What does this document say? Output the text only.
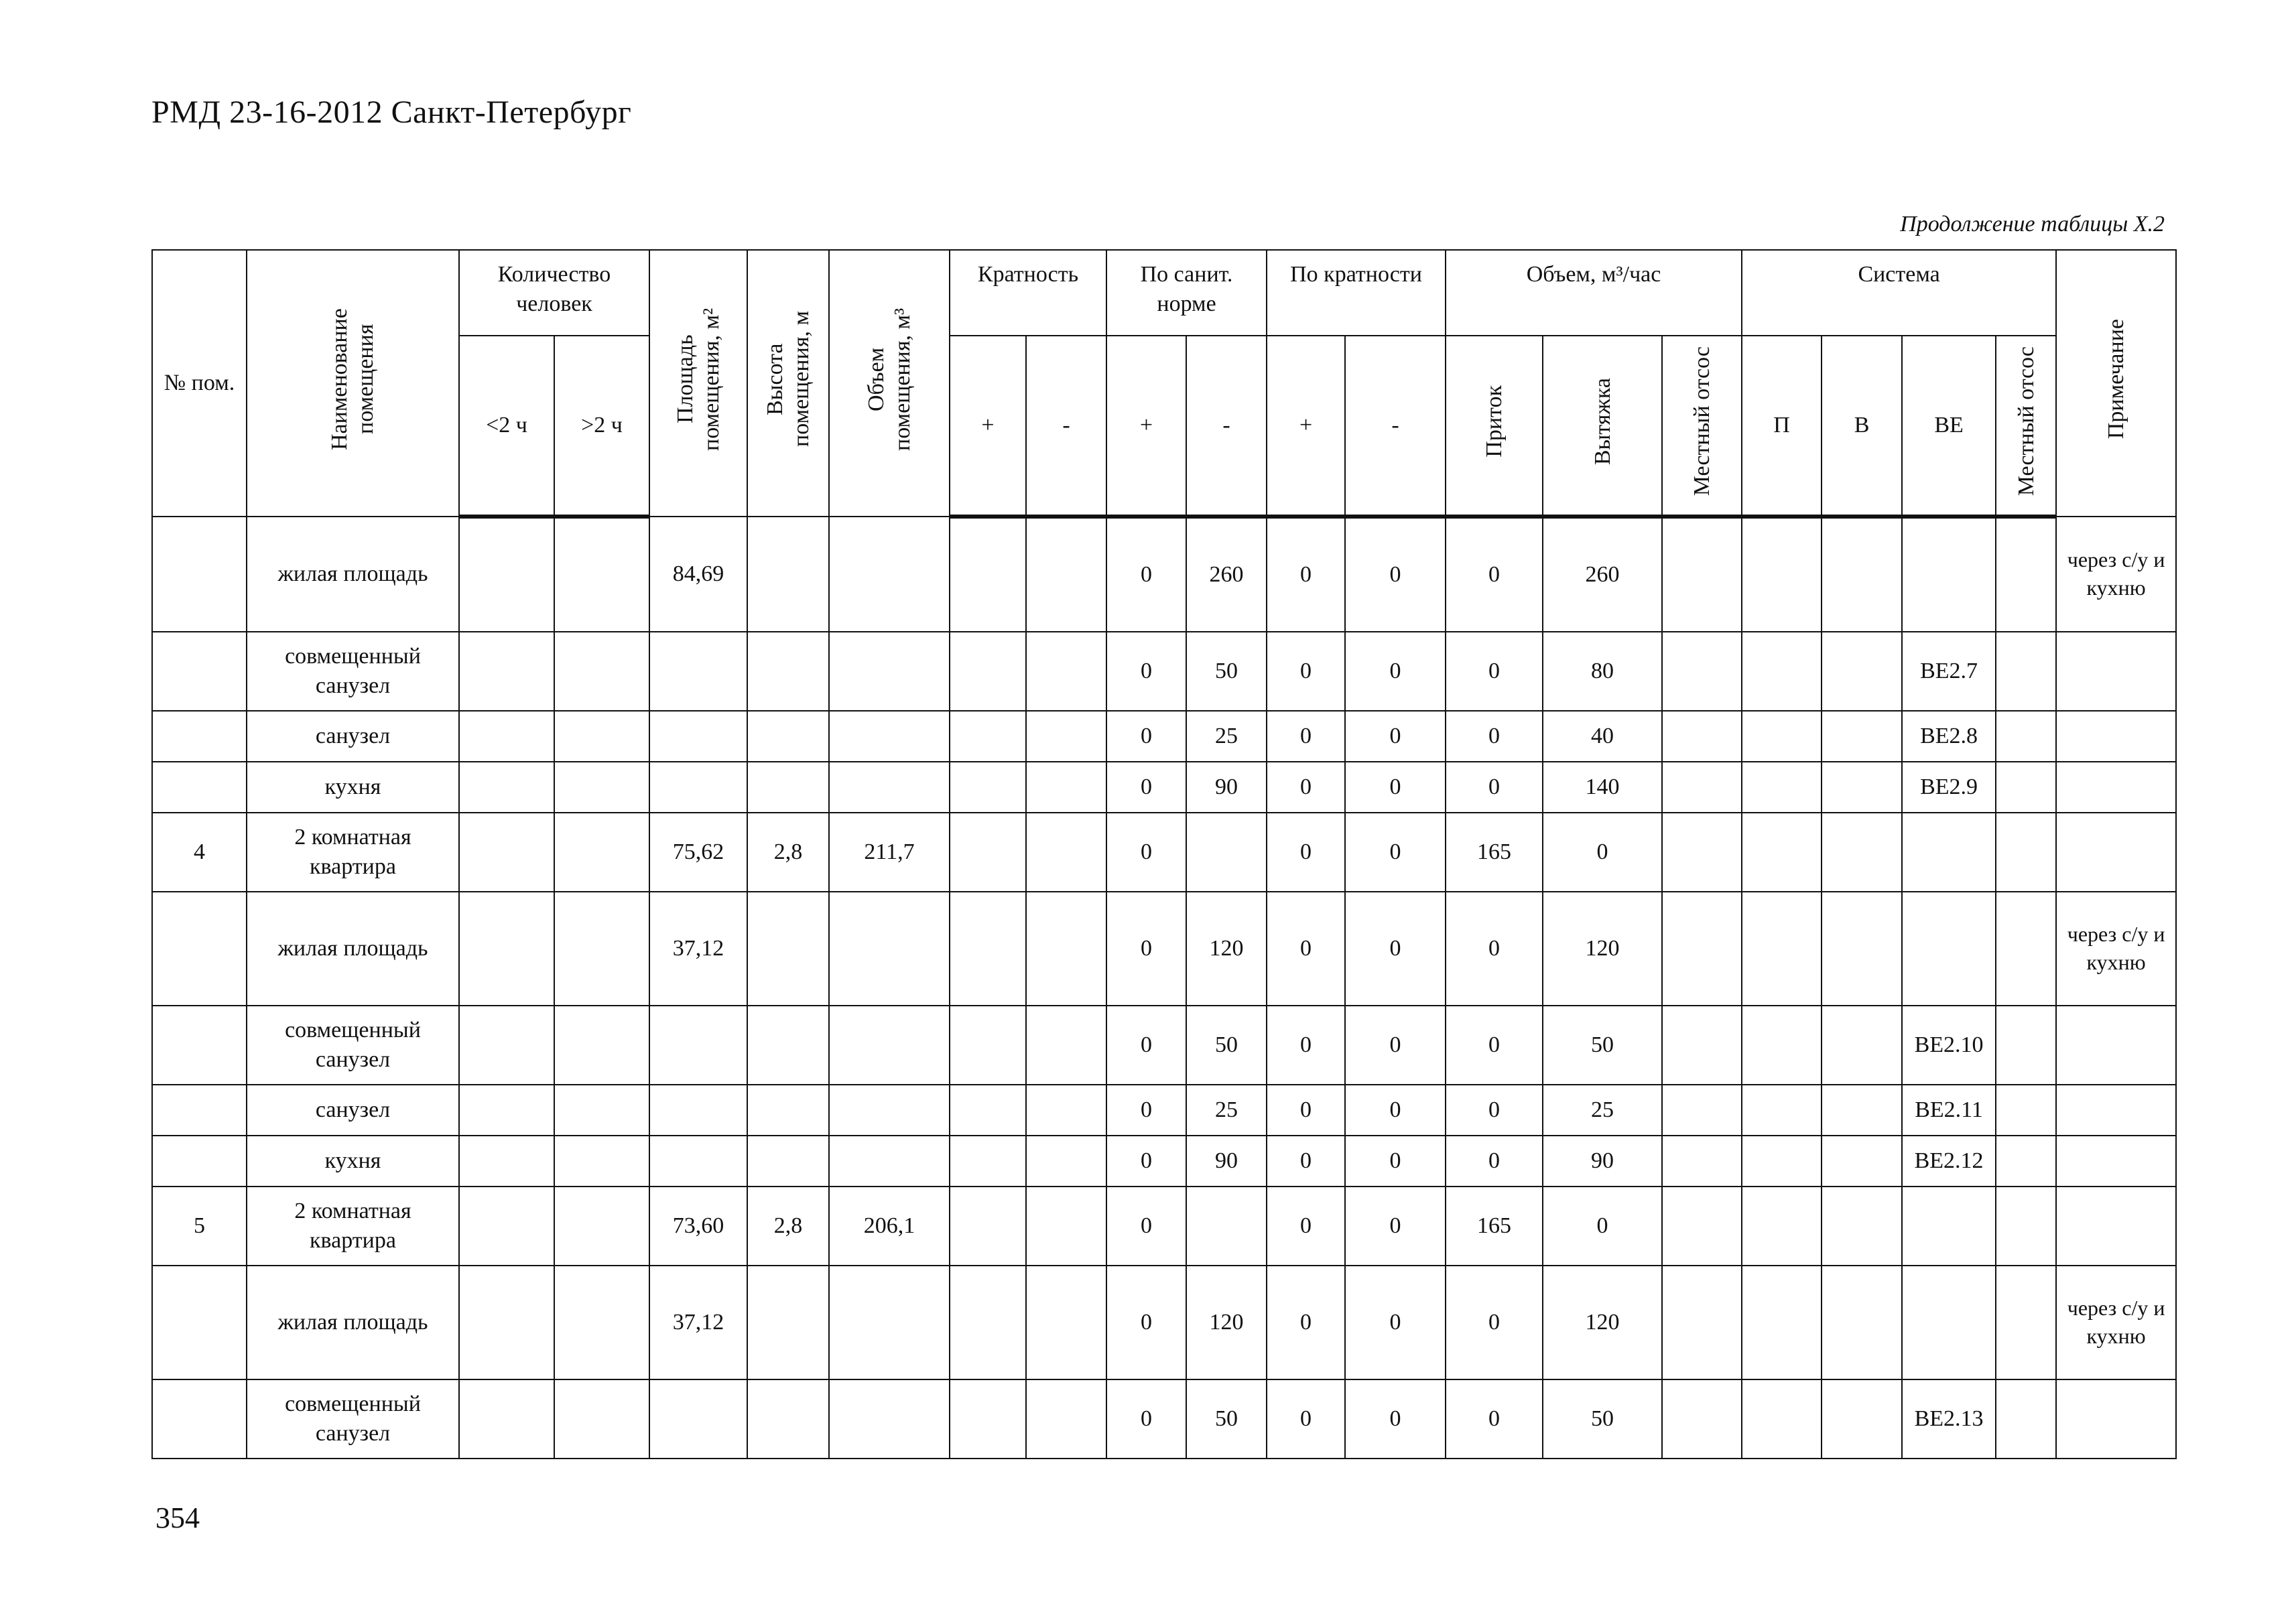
РМД 23-16-2012 Санкт-Петербург
Продолжение таблицы Х.2
№ пом.	Наименование помещения	Количество человек		Площадь помещения, м²	Высота помещения, м	Объем помещения, м³	Кратность		По санит. норме		По кратности		Объем, м³/час			Система				Примечание
		<2 ч	>2 ч				+	-	+	-	+	-	Приток	Вытяжка	Местный отсос	П	В	ВЕ	Местный отсос	
	жилая площадь			84,69					0	260	0	0	0	260						через с/у и кухню
	совмещенный санузел								0	50	0	0	0	80				ВЕ2.7		
	санузел								0	25	0	0	0	40				ВЕ2.8		
	кухня								0	90	0	0	0	140				ВЕ2.9		
4	2 комнатная квартира			75,62	2,8	211,7			0		0	0	165	0						
	жилая площадь			37,12					0	120	0	0	0	120						через с/у и кухню
	совмещенный санузел								0	50	0	0	0	50				ВЕ2.10		
	санузел								0	25	0	0	0	25				ВЕ2.11		
	кухня								0	90	0	0	0	90				ВЕ2.12		
5	2 комнатная квартира			73,60	2,8	206,1			0		0	0	165	0						
	жилая площадь			37,12					0	120	0	0	0	120						через с/у и кухню
	совмещенный санузел								0	50	0	0	0	50				ВЕ2.13		
354
